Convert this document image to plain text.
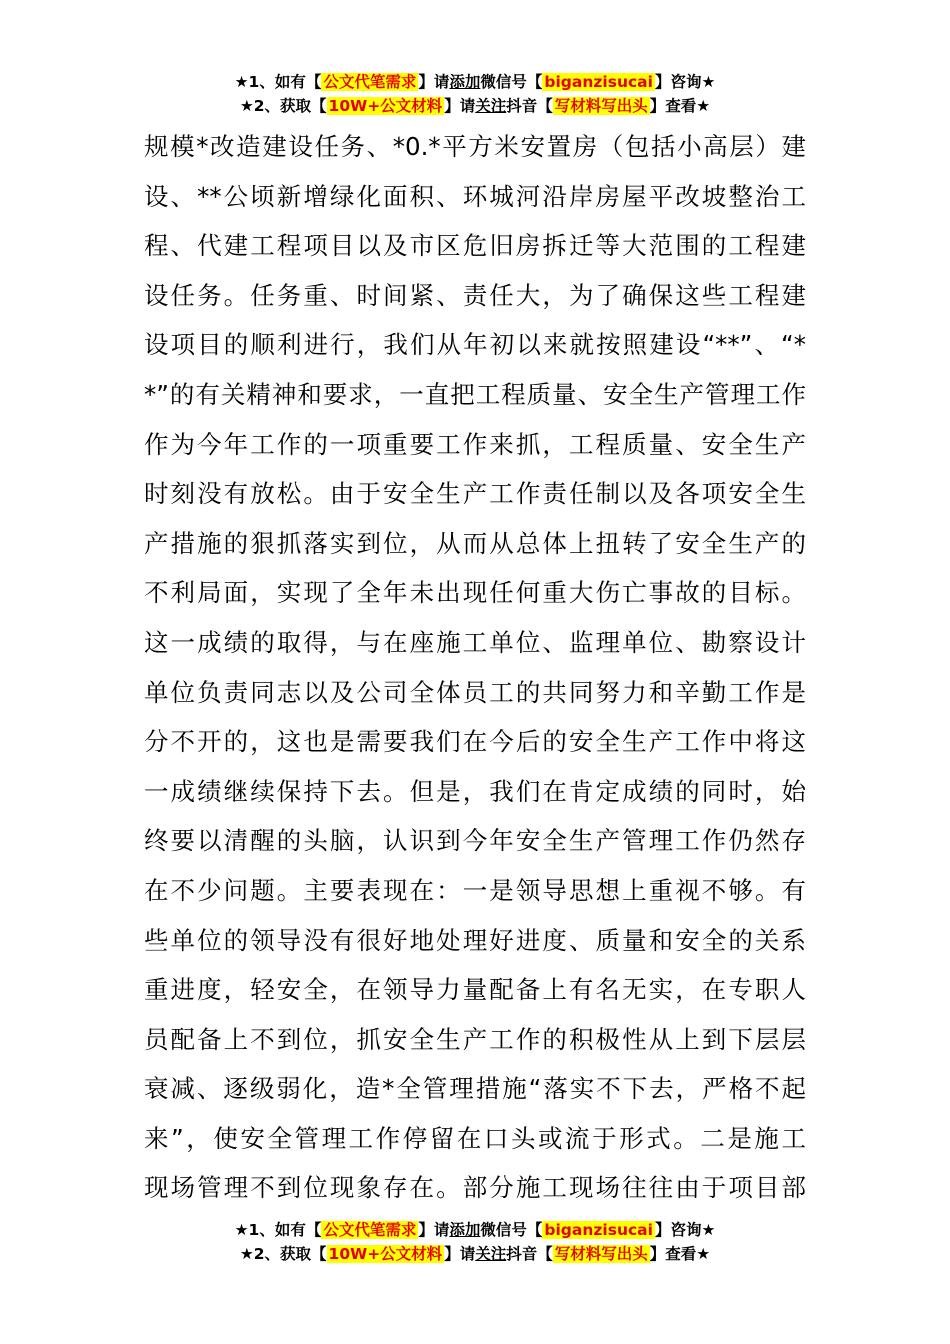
★1、如有【 公文代笔需求 】请添加微信号【 biganzisucai 】咨询★
★2、获取【 10W+公文材料 】请关注抖音【 写材料写出头 】查看★
规模*改造建设任务、*0.*平方米安置房（包括小高层）建
设、**公顷新增绿化面积、环城河沿岸房屋平改坡整治工
程、代建工程项目以及市区危旧房拆迁等大范围的工程建
设任务。任务重、时间紧、责任大，为了确保这些工程建
设项目的顺利进行，我们从年初以来就按照建设“**”、“*
*”的有关精神和要求，一直把工程质量、安全生产管理工作
作为今年工作的一项重要工作来抓，工程质量、安全生产
时刻没有放松。由于安全生产工作责任制以及各项安全生
产措施的狠抓落实到位，从而从总体上扭转了安全生产的
不利局面，实现了全年未出现任何重大伤亡事故的目标。
这一成绩的取得，与在座施工单位、监理单位、勘察设计
单位负责同志以及公司全体员工的共同努力和辛勤工作是
分不开的，这也是需要我们在今后的安全生产工作中将这
一成绩继续保持下去。但是，我们在肯定成绩的同时，始
终要以清醒的头脑，认识到今年安全生产管理工作仍然存
在不少问题。主要表现在：一是领导思想上重视不够。有
些单位的领导没有很好地处理好进度、质量和安全的关系
重进度，轻安全，在领导力量配备上有名无实，在专职人
员配备上不到位，抓安全生产工作的积极性从上到下层层
衰减、逐级弱化，造*全管理措施“落实不下去，严格不起
来”，使安全管理工作停留在口头或流于形式。二是施工
现场管理不到位现象存在。部分施工现场往往由于项目部
★1、如有【 公文代笔需求 】请添加微信号【 biganzisucai 】咨询★
★2、获取【 10W+公文材料 】请关注抖音【 写材料写出头 】查看★
